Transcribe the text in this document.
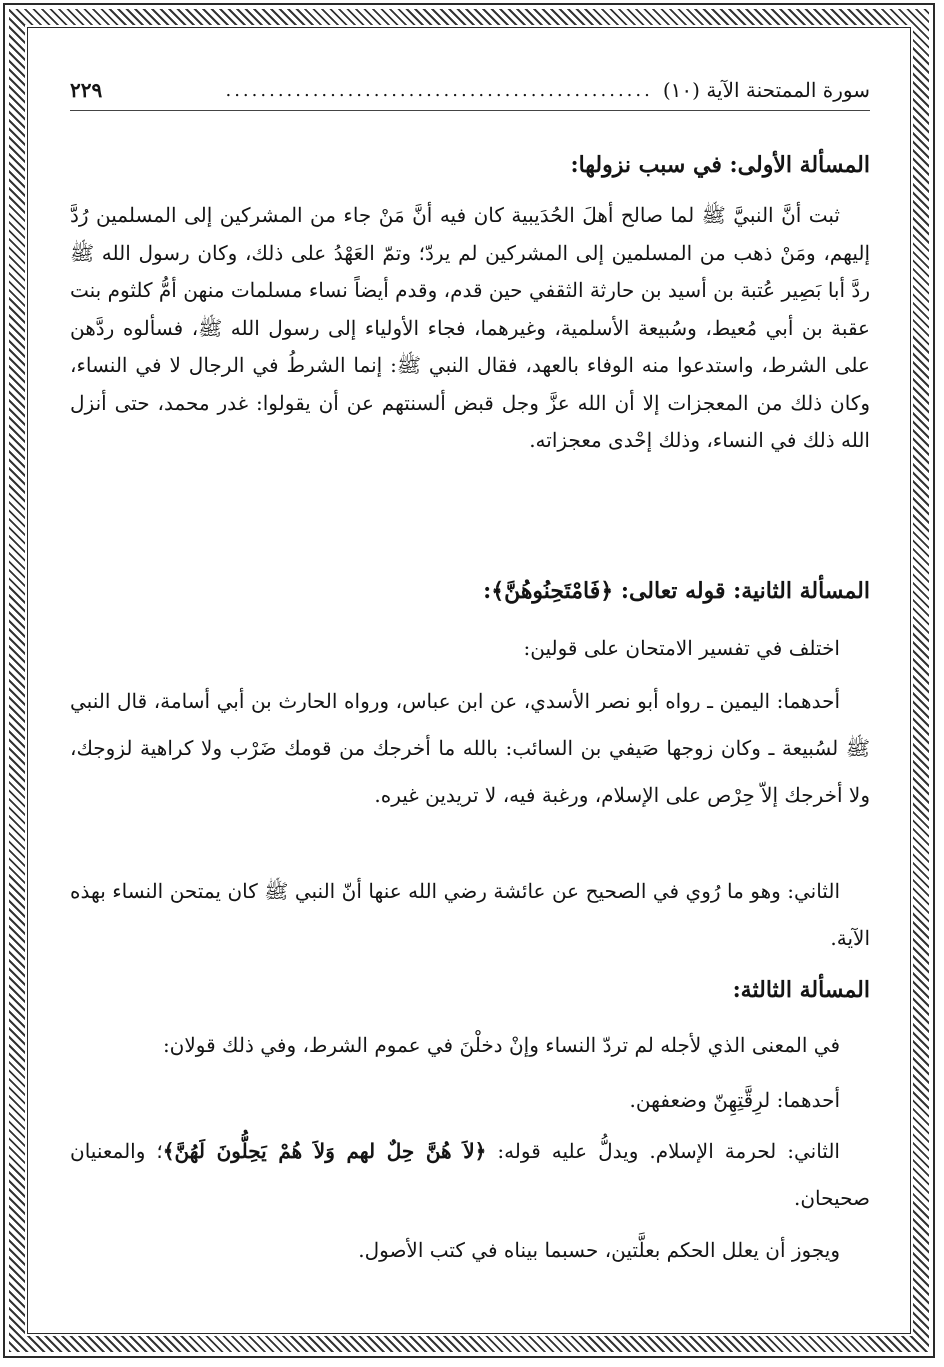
سورة الممتحنة الآية (١٠)
.................................................
٢٢٩
المسألة الأولى: في سبب نزولها:
ثبت أنَّ النبيَّ ﷺ لما صالح أهلَ الحُدَيبية كان فيه أنَّ مَنْ جاء من المشركين إلى المسلمين رُدَّ إليهم، ومَنْ ذهب من المسلمين إلى المشركين لم يردّ؛ وتمّ العَهْدُ على ذلك، وكان رسول الله ﷺ ردَّ أبا بَصِير عُتبة بن أسيد بن حارثة الثقفي حين قدم، وقدم أيضاً نساء مسلمات منهن أمُّ كلثوم بنت عقبة بن أبي مُعيط، وسُبيعة الأسلمية، وغيرهما، فجاء الأولياء إلى رسول الله ﷺ، فسألوه ردَّهن على الشرط، واستدعوا منه الوفاء بالعهد، فقال النبي ﷺ: إنما الشرطُ في الرجال لا في النساء، وكان ذلك من المعجزات إلا أن الله عزَّ وجل قبض ألسنتهم عن أن يقولوا: غدر محمد، حتى أنزل الله ذلك في النساء، وذلك إحْدى معجزاته.
المسألة الثانية: قوله تعالى: ﴿فَامْتَحِنُوهُنَّ﴾:
اختلف في تفسير الامتحان على قولين:
أحدهما: اليمين ـ رواه أبو نصر الأسدي، عن ابن عباس، ورواه الحارث بن أبي أسامة، قال النبي ﷺ لسُبيعة ـ وكان زوجها صَيفي بن السائب: بالله ما أخرجك من قومك ضَرْب ولا كراهية لزوجك، ولا أخرجك إلاّ حِرْص على الإسلام، ورغبة فيه، لا تريدين غيره.
الثاني: وهو ما رُوي في الصحيح عن عائشة رضي الله عنها أنّ النبي ﷺ كان يمتحن النساء بهذه الآية.
المسألة الثالثة:
في المعنى الذي لأجله لم تردّ النساء وإنْ دخلْنَ في عموم الشرط، وفي ذلك قولان:
أحدهما: لرِقَّتِهِنّ وضعفهن.
الثاني: لحرمة الإسلام. ويدلُّ عليه قوله: ﴿لاَ هُنَّ حِلٌ لهم وَلاَ هُمْ يَحِلُّونَ لَهُنَّ﴾؛ والمعنيان صحيحان.
ويجوز أن يعلل الحكم بعلَّتين، حسبما بيناه في كتب الأصول.
